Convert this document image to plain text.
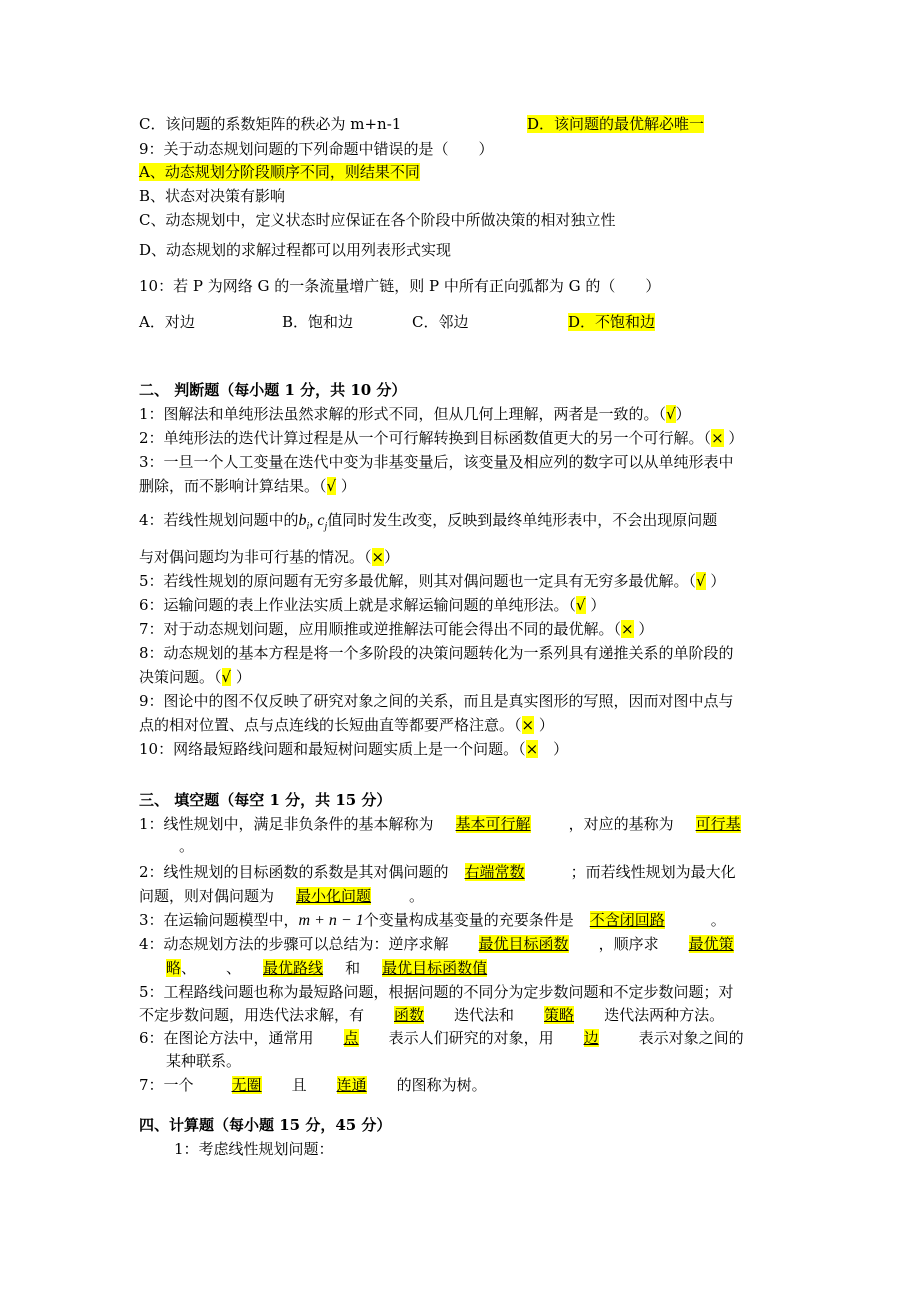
C．该问题的系数矩阵的秩必为 m+n-1	D．该问题的最优解必唯一
9：关于动态规划问题的下列命题中错误的是（　　）
A、动态规划分阶段顺序不同，则结果不同
B、状态对决策有影响
C、动态规划中，定义状态时应保证在各个阶段中所做决策的相对独立性
D、动态规划的求解过程都可以用列表形式实现
10：若 P 为网络 G 的一条流量增广链，则 P 中所有正向弧都为 G 的（　　）
A．对边	B．饱和边	C．邻边	D．不饱和边
二、 判断题（每小题 1 分，共 10 分）
1：图解法和单纯形法虽然求解的形式不同，但从几何上理解，两者是一致的。（√）
2：单纯形法的迭代计算过程是从一个可行解转换到目标函数值更大的另一个可行解。（× ）
3：一旦一个人工变量在迭代中变为非基变量后，该变量及相应列的数字可以从单纯形表中
删除，而不影响计算结果。（√ ）
4：若线性规划问题中的$b_i$, $c_j$值同时发生改变，反映到最终单纯形表中，不会出现原问题
与对偶问题均为非可行基的情况。（×）
5：若线性规划的原问题有无穷多最优解，则其对偶问题也一定具有无穷多最优解。（√ ）
6：运输问题的表上作业法实质上就是求解运输问题的单纯形法。（√ ）
7：对于动态规划问题，应用顺推或逆推解法可能会得出不同的最优解。（× ）
8：动态规划的基本方程是将一个多阶段的决策问题转化为一系列具有递推关系的单阶段的
决策问题。（√ ）
9：图论中的图不仅反映了研究对象之间的关系，而且是真实图形的写照，因而对图中点与
点的相对位置、点与点连线的长短曲直等都要严格注意。（× ）
10：网络最短路线问题和最短树问题实质上是一个问题。（×　）
三、 填空题（每空 1 分，共 15 分）
1：线性规划中，满足非负条件的基本解称为 基本可行解	，对应的基称为 可行基
。
2：线性规划的目标函数的系数是其对偶问题的 右端常数	；而若线性规划为最大化
问题，则对偶问题为 最小化问题	。
3：在运输问题模型中，m + n − 1个变量构成基变量的充要条件是 不含闭回路	。
4：动态规划方法的步骤可以总结为：逆序求解 最优目标函数 ，顺序求 最优策
略、 、 最优路线 和 最优目标函数值
5：工程路线问题也称为最短路问题，根据问题的不同分为定步数问题和不定步数问题；对
不定步数问题，用迭代法求解，有 函数 迭代法和 策略 迭代法两种方法。
6：在图论方法中，通常用 点 表示人们研究的对象，用 边	表示对象之间的
某种联系。
7：一个	无圈 且 连通 的图称为树。
四、计算题（每小题 15 分，45 分）
1：考虑线性规划问题：
